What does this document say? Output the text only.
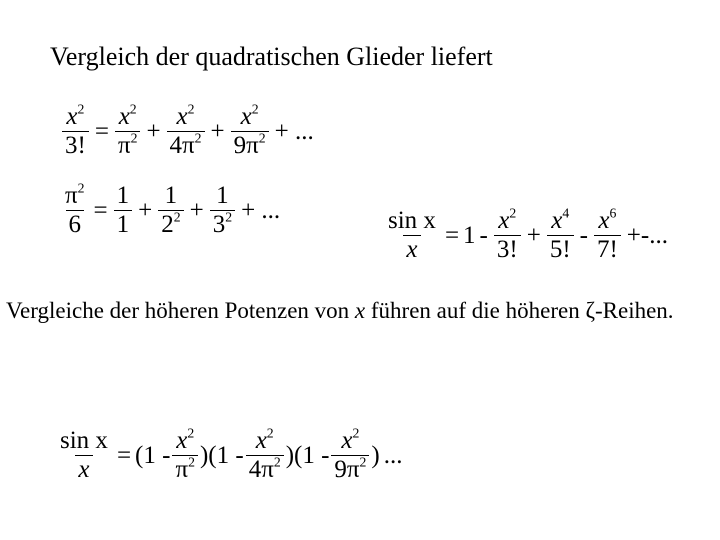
Vergleich der quadratischen Glieder liefert
$\frac{x^2}{3!} = \frac{x^2}{\pi^2} + \frac{x^2}{4\pi^2} + \frac{x^2}{9\pi^2}$ + ...
$\frac{\pi^2}{6} = \frac{1}{1} + \frac{1}{2^2} + \frac{1}{3^2}$ + ...	$\frac{\text{sin x}}{x} = 1 - \frac{x^2}{3!} + \frac{x^4}{5!} - \frac{x^6}{7!}$ +-...
Vergleiche der höheren Potenzen von x führen auf die höheren ζ-Reihen.
$\frac{\text{sin x}}{x} = (1 - \frac{x^2}{\pi^2}$ ) ($1 - \frac{x^2}{4\pi^2}$ ) ($1 - \frac{x^2}{9\pi^2}$ ) ...
